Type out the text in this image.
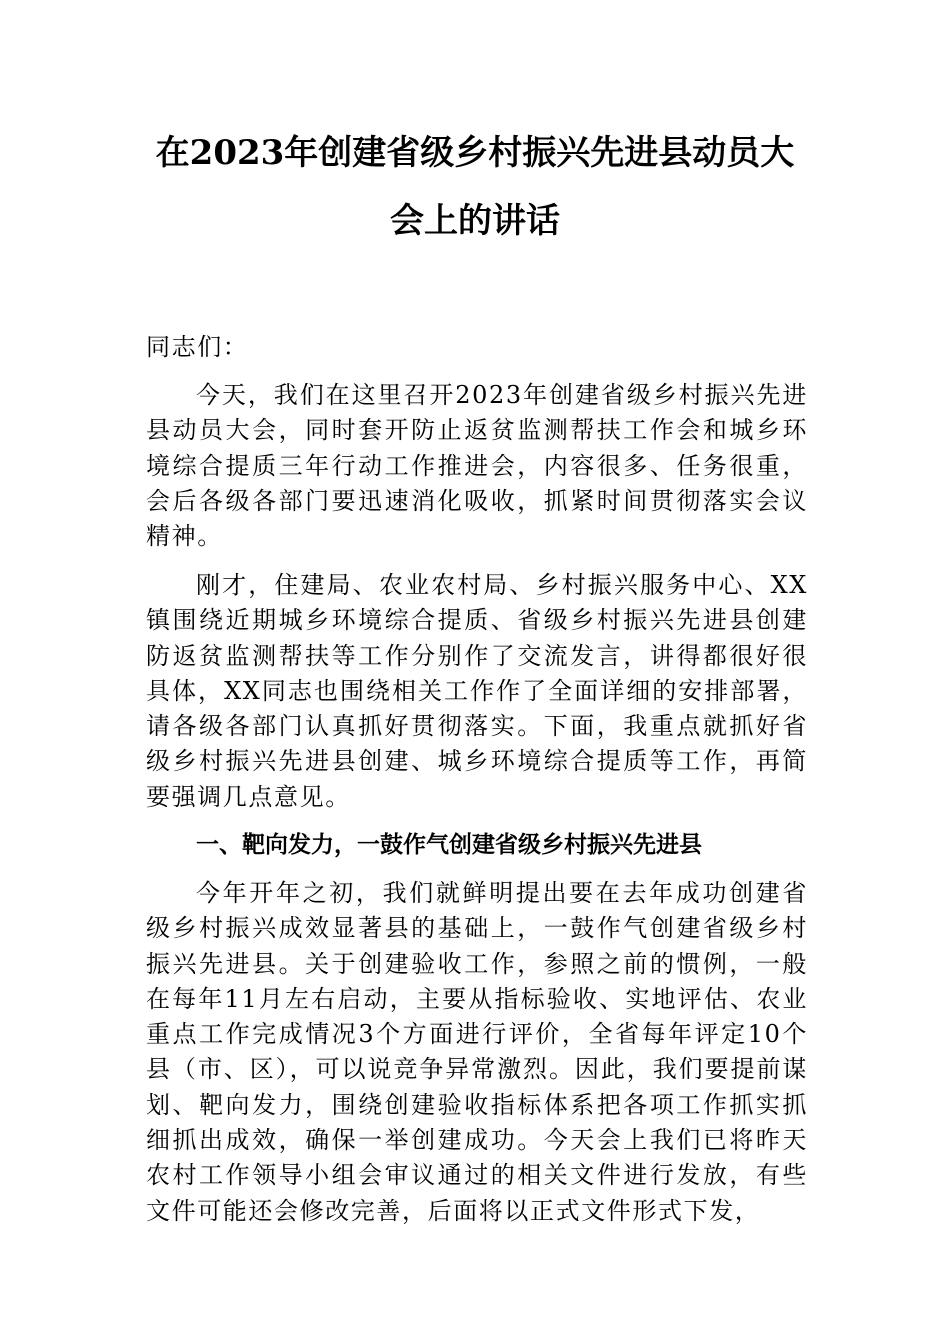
在2023年创建省级乡村振兴先进县动员大
会上的讲话
同志们：

今天，我们在这里召开2023年创建省级乡村振兴先进县动员大会，同时套开防止返贫监测帮扶工作会和城乡环境综合提质三年行动工作推进会，内容很多、任务很重，会后各级各部门要迅速消化吸收，抓紧时间贯彻落实会议精神。

刚才，住建局、农业农村局、乡村振兴服务中心、XX镇围绕近期城乡环境综合提质、省级乡村振兴先进县创建防返贫监测帮扶等工作分别作了交流发言，讲得都很好很具体，XX同志也围绕相关工作作了全面详细的安排部署，请各级各部门认真抓好贯彻落实。下面，我重点就抓好省级乡村振兴先进县创建、城乡环境综合提质等工作，再简要强调几点意见。

一、靶向发力，一鼓作气创建省级乡村振兴先进县

今年开年之初，我们就鲜明提出要在去年成功创建省级乡村振兴成效显著县的基础上，一鼓作气创建省级乡村振兴先进县。关于创建验收工作，参照之前的惯例，一般在每年11月左右启动，主要从指标验收、实地评估、农业重点工作完成情况3个方面进行评价，全省每年评定10个县（市、区），可以说竞争异常激烈。因此，我们要提前谋划、靶向发力，围绕创建验收指标体系把各项工作抓实抓细抓出成效，确保一举创建成功。今天会上我们已将昨天农村工作领导小组会审议通过的相关文件进行发放，有些文件可能还会修改完善，后面将以正式文件形式下发，
